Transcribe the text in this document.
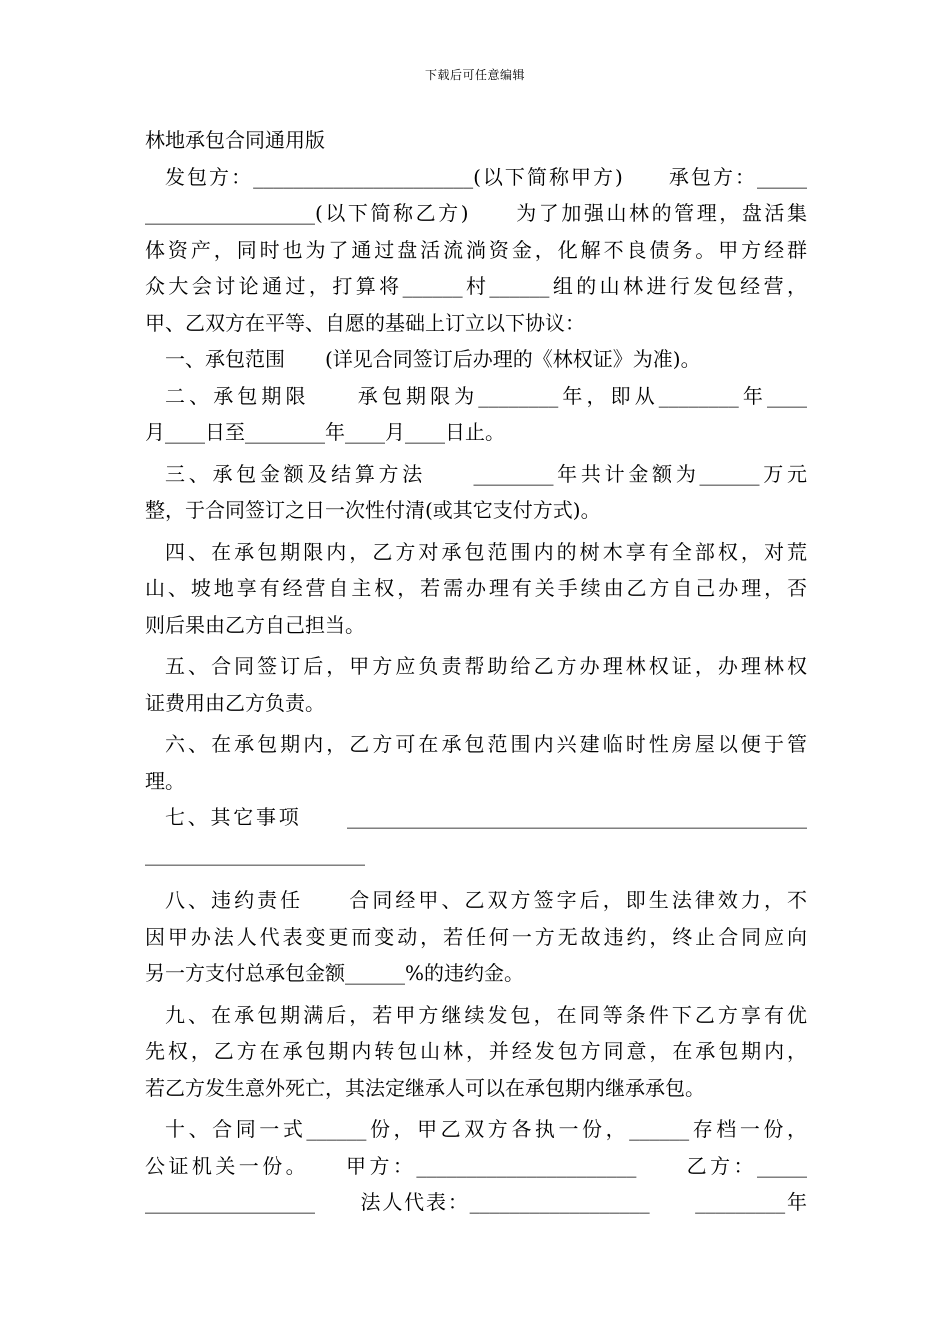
下载后可任意编辑
林地承包合同通用版
发包方：______________________(以下简称甲方)　　承包方：_____
_________________(以下简称乙方)　　为了加强山林的管理，盘活集
体资产，同时也为了通过盘活流淌资金，化解不良债务。甲方经群
众大会讨论通过，打算将______村______组的山林进行发包经营，
甲、乙双方在平等、自愿的基础上订立以下协议：
一、承包范围　　(详见合同签订后办理的《林权证》为准)。
二、承包期限　　承包期限为________年，即从________年____
月____日至________年____月____日止。
三、承包金额及结算方法　　________年共计金额为______万元
整，于合同签订之日一次性付清(或其它支付方式)。
四、在承包期限内，乙方对承包范围内的树木享有全部权，对荒
山、坡地享有经营自主权，若需办理有关手续由乙方自己办理，否
则后果由乙方自己担当。
五、合同签订后，甲方应负责帮助给乙方办理林权证，办理林权
证费用由乙方负责。
六、在承包期内，乙方可在承包范围内兴建临时性房屋以便于管
理。
七、其它事项　　______________________________________________
______________________
八、违约责任　　合同经甲、乙双方签字后，即生法律效力，不
因甲办法人代表变更而变动，若任何一方无故违约，终止合同应向
另一方支付总承包金额______%的违约金。
九、在承包期满后，若甲方继续发包，在同等条件下乙方享有优
先权，乙方在承包期内转包山林，并经发包方同意，在承包期内，
若乙方发生意外死亡，其法定继承人可以在承包期内继承承包。
十、合同一式______份，甲乙双方各执一份，______存档一份，
公证机关一份。　　甲方：______________________　　乙方：_____
_________________　　法人代表：__________________　　_________年
